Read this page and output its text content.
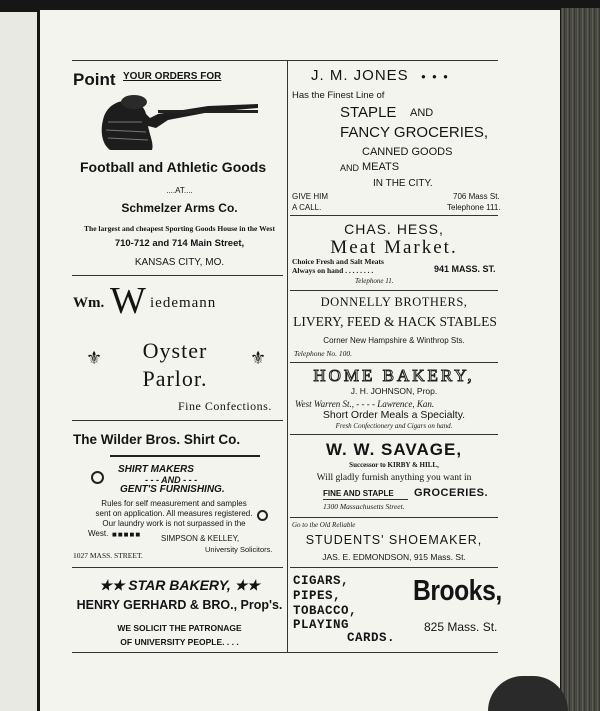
Point YOUR ORDERS FOR
Football and Athletic Goods
....AT....
Schmelzer Arms Co.
The largest and cheapest Sporting Goods House in the West
710-712 and 714 Main Street,
KANSAS CITY, MO.
Wm. W iedemann
⚜	⚜
Oyster
Parlor.
Fine Confections.
The Wilder Bros. Shirt Co.
SHIRT MAKERS
- - - AND - - -
GENT'S FURNISHING.
Rules for self measurement and samples
sent on application. All measures registered.
Our laundry work is not surpassed in the
West. ■■■■■ SIMPSON & KELLEY,
University Solicitors.
1027 MASS. STREET.
★★ STAR BAKERY, ★★
HENRY GERHARD & BRO., Prop's.
WE SOLICIT THE PATRONAGE
OF UNIVERSITY PEOPLE. . . .
J. M. JONES ● ● ●
Has the Finest Line of
STAPLE AND
FANCY GROCERIES,
CANNED GOODS
AND MEATS
IN THE CITY.
GIVE HIM
A CALL.
706 Mass St.
Telephone 111.
CHAS. HESS,
Meat Market.
Choice Fresh and Salt Meats
Always on hand . . . . . . . .	941 MASS. ST.
Telephone 11.
DONNELLY BROTHERS,
LIVERY, FEED & HACK STABLES
Corner New Hampshire & Winthrop Sts.
Telephone No. 100.
HOME BAKERY,
J. H. JOHNSON, Prop.
West Warren St., - - - - Lawrence, Kan.
Short Order Meals a Specialty.
Fresh Confectionery and Cigars on hand.
W. W. SAVAGE,
Successor to KIRBY & HILL,
Will gladly furnish anything you want in
FINE AND STAPLE GROCERIES.
1300 Massachusetts Street.
Go to the Old Reliable
STUDENTS' SHOEMAKER,
JAS. E. EDMONDSON, 915 Mass. St.
CIGARS,
PIPES,
TOBACCO,
PLAYING
CARDS.
Brooks,
825 Mass. St.
